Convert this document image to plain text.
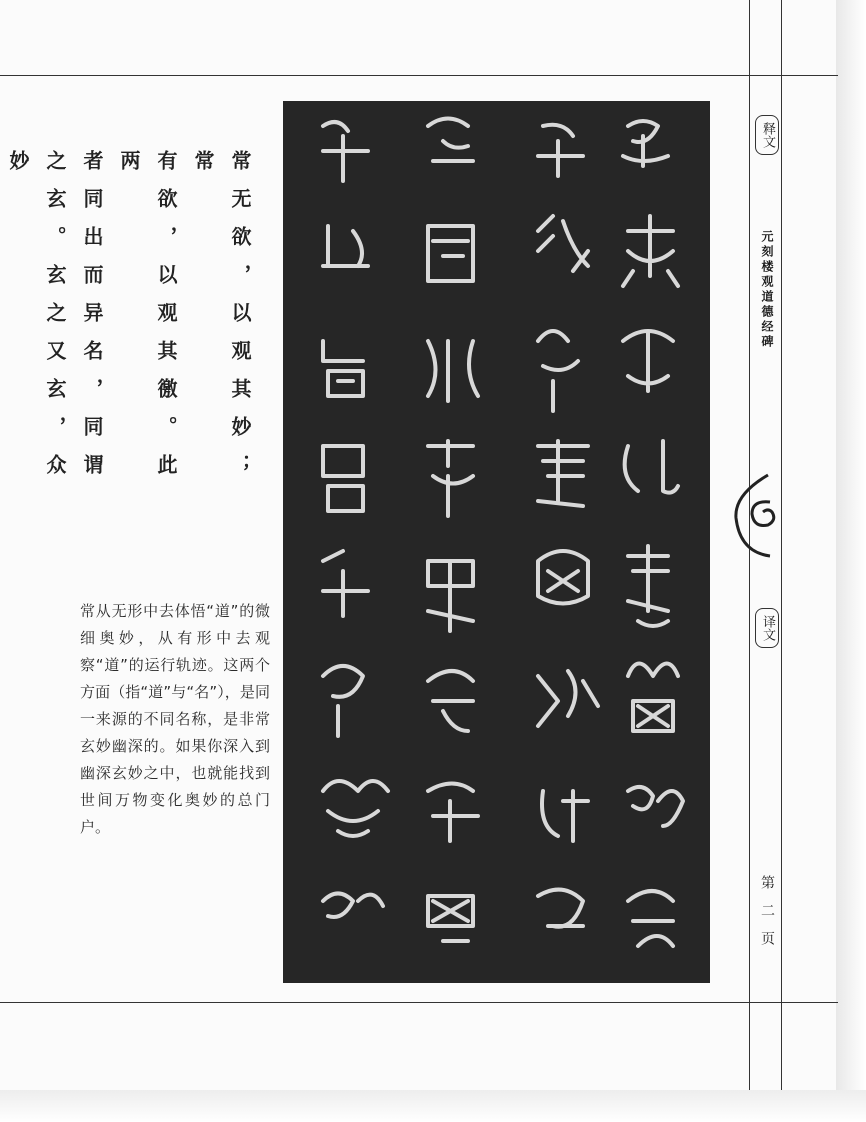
常无欲，以观其妙；常
有欲，以观其徼。此两
者同出而异名，同谓
之玄。玄之又玄，众妙
常从无形中去体悟“道”的微细奥妙，从有形中去观察“道”的运行轨迹。这两个方面（指“道”与“名”），是同一来源的不同名称，是非常玄妙幽深的。如果你深入到幽深玄妙之中，也就能找到世间万物变化奥妙的总门户。
释文
元刻楼观道德经碑
译文
第二页
